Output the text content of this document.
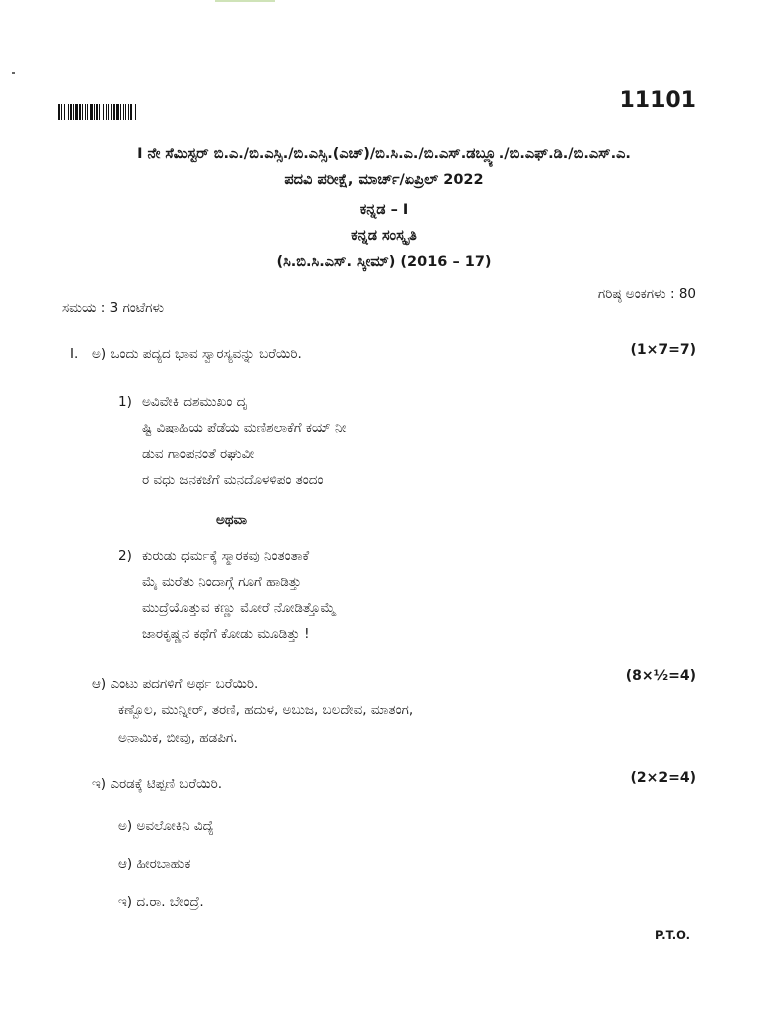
11101
I ನೇ ಸೆಮಿಸ್ಟರ್ ಬಿ.ಎ./ಬಿ.ಎಸ್ಸಿ./ಬಿ.ಎಸ್ಸಿ.(ಎಚ್)/ಬಿ.ಸಿ.ಎ./ಬಿ.ಎಸ್.ಡಬ್ಲ್ಯೂ./ಬಿ.ಎಫ್.ಡಿ./ಬಿ.ಎಸ್.ಎ.
ಪದವಿ ಪರೀಕ್ಷೆ, ಮಾರ್ಚ್/ಏಪ್ರಿಲ್ 2022
ಕನ್ನಡ – I
ಕನ್ನಡ ಸಂಸ್ಕೃತಿ
(ಸಿ.ಬಿ.ಸಿ.ಎಸ್. ಸ್ಕೀಮ್) (2016 – 17)
ಸಮಯ : 3 ಗಂಟೆಗಳು
ಗರಿಷ್ಠ ಅಂಕಗಳು : 80
I. ಅ) ಒಂದು ಪದ್ಯದ ಭಾವ ಸ್ವಾರಸ್ಯವನ್ನು ಬರೆಯಿರಿ.	(1×7=7)
1) ಅವಿವೇಕಿ ದಶಮುಖಂ ದೃ
ಷ್ಟಿ ವಿಷಾಹಿಯ ಪೆಡೆಯ ಮಣಿಶಲಾಕೆಗೆ ಕಯ್ ನೀ
ಡುವ ಗಾಂಪನಂತೆ ರಘುವೀ
ರ ವಧು ಜನಕಜೆಗೆ ಮನದೊಳಳಿಪಂ ತಂದಂ
ಅಥವಾ
2) ಕುರುಡು ಧರ್ಮಕ್ಕೆ ಸ್ಮಾರಕವು ನಿಂತಂತಾಕೆ
ಮೈ ಮರೆತು ನಿಂದಾಗ್ಗೆ ಗೂಗೆ ಹಾಡಿತ್ತು
ಮುದ್ರೆಯೊತ್ತುವ ಕಣ್ಣು ಮೋರೆ ನೋಡಿತ್ತೊಮ್ಮೆ
ಜಾರಕೃಷ್ಣನ ಕಥೆಗೆ ಕೋಡು ಮೂಡಿತ್ತು !
ಆ) ಎಂಟು ಪದಗಳಿಗೆ ಅರ್ಥ ಬರೆಯಿರಿ.	(8×½=4)
ಕಣ್ಬೊಲ, ಮುನ್ನೀರ್, ತರಣಿ, ಹದುಳ, ಅಬುಜ, ಬಲದೇವ, ಮಾತಂಗ,
ಅನಾಮಿಕ, ಬೀವು, ಹಡಪಿಗ.
ಇ) ಎರಡಕ್ಕೆ ಟಿಪ್ಪಣಿ ಬರೆಯಿರಿ.	(2×2=4)
ಅ) ಅವಲೋಕಿನಿ ವಿದ್ಯೆ
ಆ) ಹೀರಬಾಹುಕ
ಇ) ದ.ರಾ. ಬೇಂದ್ರೆ.
P.T.O.
